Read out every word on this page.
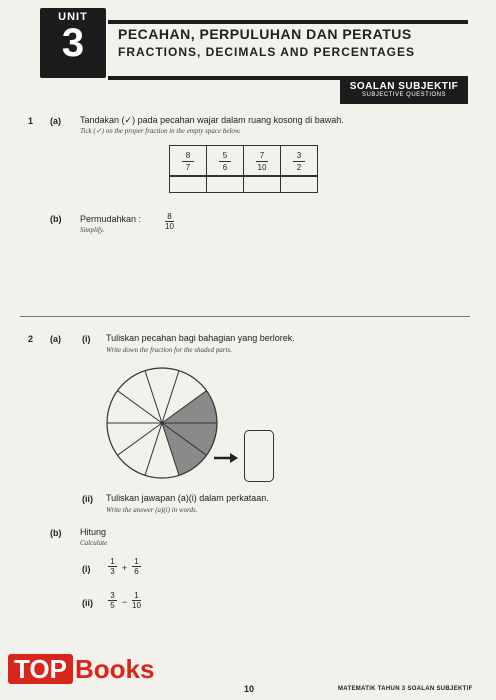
UNIT
3	PECAHAN, PERPULUHAN DAN PERATUS
FRACTIONS, DECIMALS AND PERCENTAGES
SOALAN SUBJEKTIF
SUBJECTIVE QUESTIONS
1 (a) Tandakan (✓) pada pecahan wajar dalam ruang kosong di bawah.
Tick (✓) on the proper fraction in the empty space below.
8
7
5
6
7
10
3
2
(b) Permudahkan :
Simplify.
8
10
2 (a) (i) Tuliskan pecahan bagi bahagian yang berlorek.
Write down the fraction for the shaded parts.
(ii) Tuliskan jawapan (a)(i) dalam perkataan.
Write the answer (a)(i) in words.
(b) Hitung
Calculate
(i)
1
3 +
1
6
(ii)
3
5 −
1
10
TOP Books
10	MATEMATIK TAHUN 3 SOALAN SUBJEKTIF
